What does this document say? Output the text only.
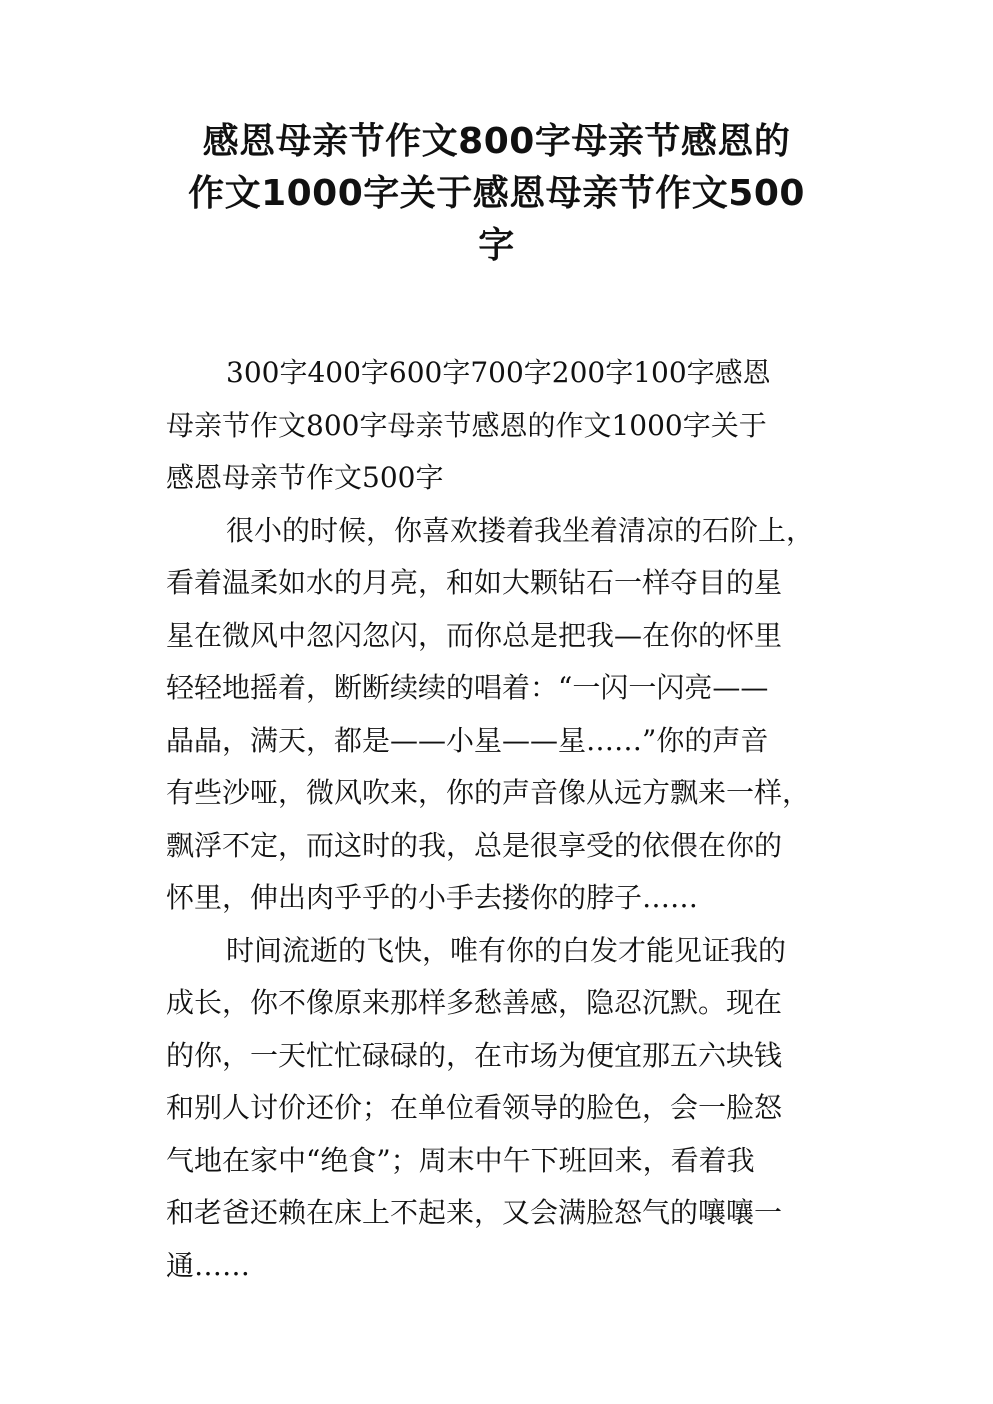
感恩母亲节作文800字母亲节感恩的
作文1000字关于感恩母亲节作文500
字

300字400字600字700字200字100字感恩
母亲节作文800字母亲节感恩的作文1000字关于
感恩母亲节作文500字

很小的时候，你喜欢搂着我坐着清凉的石阶上，
看着温柔如水的月亮，和如大颗钻石一样夺目的星
星在微风中忽闪忽闪，而你总是把我—在你的怀里
轻轻地摇着，断断续续的唱着：“一闪一闪亮——
晶晶，满天，都是——小星——星……”你的声音
有些沙哑，微风吹来，你的声音像从远方飘来一样，
飘浮不定，而这时的我，总是很享受的依偎在你的
怀里，伸出肉乎乎的小手去搂你的脖子……

时间流逝的飞快，唯有你的白发才能见证我的
成长，你不像原来那样多愁善感，隐忍沉默。现在
的你，一天忙忙碌碌的，在市场为便宜那五六块钱
和别人讨价还价；在单位看领导的脸色，会一脸怒
气地在家中“绝食”；周末中午下班回来，看着我
和老爸还赖在床上不起来，又会满脸怒气的嚷嚷一
通……
